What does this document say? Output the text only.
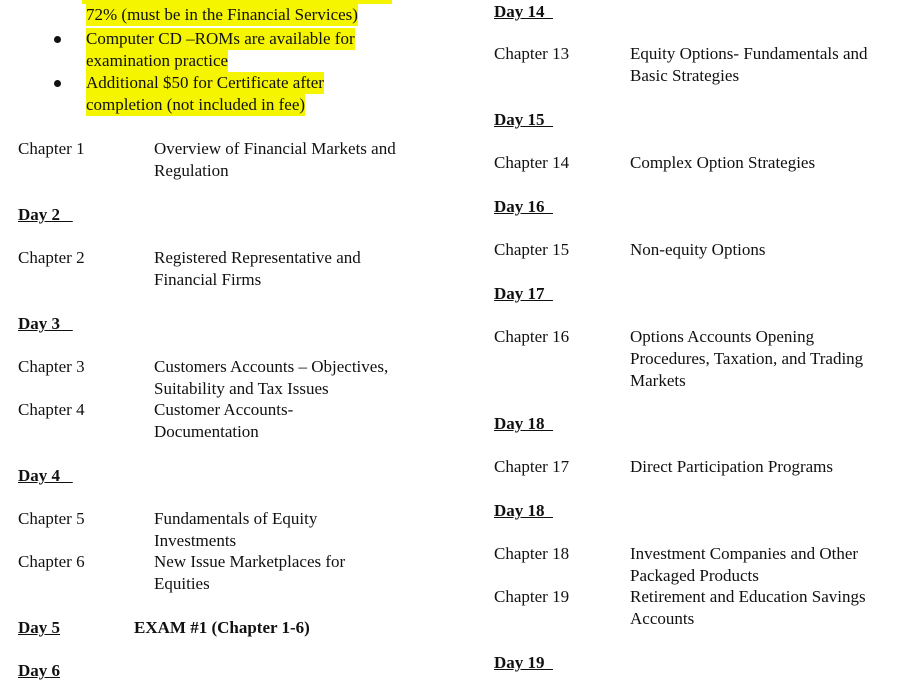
72% (must be in the Financial Services)
Computer CD –ROMs are available for
examination practice
Additional $50 for Certificate after
completion (not included in fee)
Chapter 1	Overview of Financial Markets and
Regulation
Day 2
Chapter 2	Registered Representative and
Financial Firms
Day 3
Chapter 3	Customers Accounts – Objectives,
Suitability and Tax Issues
Chapter 4	Customer Accounts-
Documentation
Day 4
Chapter 5	Fundamentals of Equity
Investments
Chapter 6	New Issue Marketplaces for
Equities
Day 5	EXAM #1 (Chapter 1-6)
Day 6
Day 14
Chapter 13	Equity Options- Fundamentals and
Basic Strategies
Day 15
Chapter 14	Complex Option Strategies
Day 16
Chapter 15	Non-equity Options
Day 17
Chapter 16	Options Accounts Opening
Procedures, Taxation, and Trading
Markets
Day 18
Chapter 17	Direct Participation Programs
Day 18
Chapter 18	Investment Companies and Other
Packaged Products
Chapter 19	Retirement and Education Savings
Accounts
Day 19
